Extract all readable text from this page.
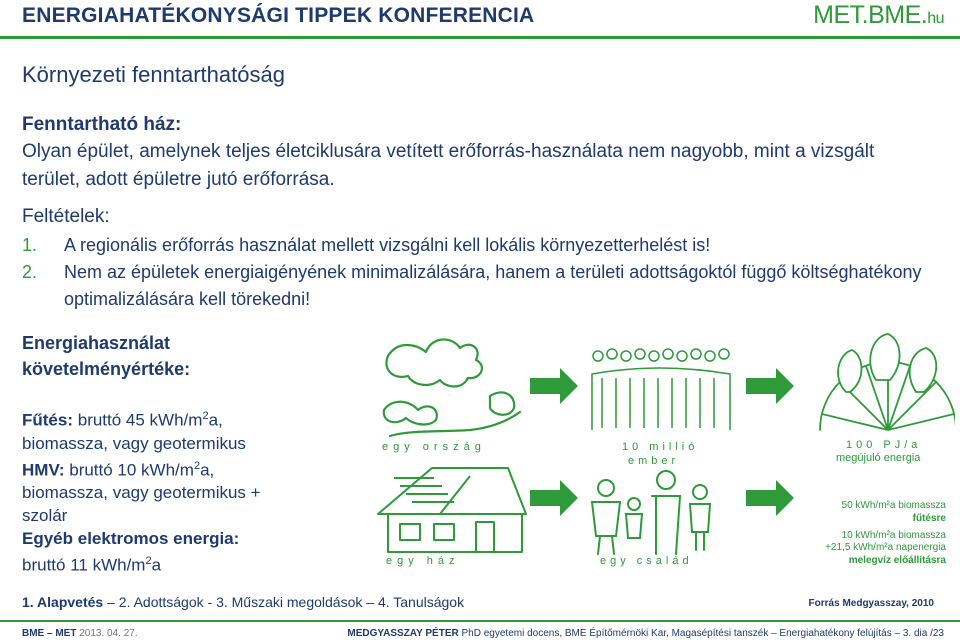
ENERGIAHATÉKONYSÁGI TIPPEK KONFERENCIA	MET.BME.hu
Környezeti fenntarthatóság
Fenntartható ház:
Olyan épület, amelynek teljes életciklusára vetített erőforrás-használata nem nagyobb, mint a vizsgált terület, adott épületre jutó erőforrása.
Feltételek:
1.	A regionális erőforrás használat mellett vizsgálni kell lokális környezetterhelést is!
2.	Nem az épületek energiaigényének minimalizálására, hanem a területi adottságoktól függő költséghatékony optimalizálására kell törekedni!
Energiahasználat követelményértéke:
Fűtés: bruttó 45 kWh/$m^2a$,
biomassza, vagy geotermikus
HMV: bruttó 10 kWh/$m^2a$,
biomassza, vagy geotermikus +
szolár
Egyéb elektromos energia:
bruttó 11 kWh/$m^2a$
egy ország	10 millió
ember
100 PJ/a
megújuló energia
egy ház	egy család
50 kWh/m²a biomassza
fűtésre
10 kWh/m²a biomassza
+21,5 kWh/m²a napenergia
melegvíz előállításra
1. Alapvetés – 2. Adottságok - 3. Műszaki megoldások – 4. Tanulságok	Forrás Medgyasszay, 2010
BME – MET 2013. 04. 27.	MEDGYASSZAY PÉTER PhD egyetemi docens, BME Építőmérnöki Kar, Magasépítési tanszék – Energiahatékony felújítás – 3. dia /23
